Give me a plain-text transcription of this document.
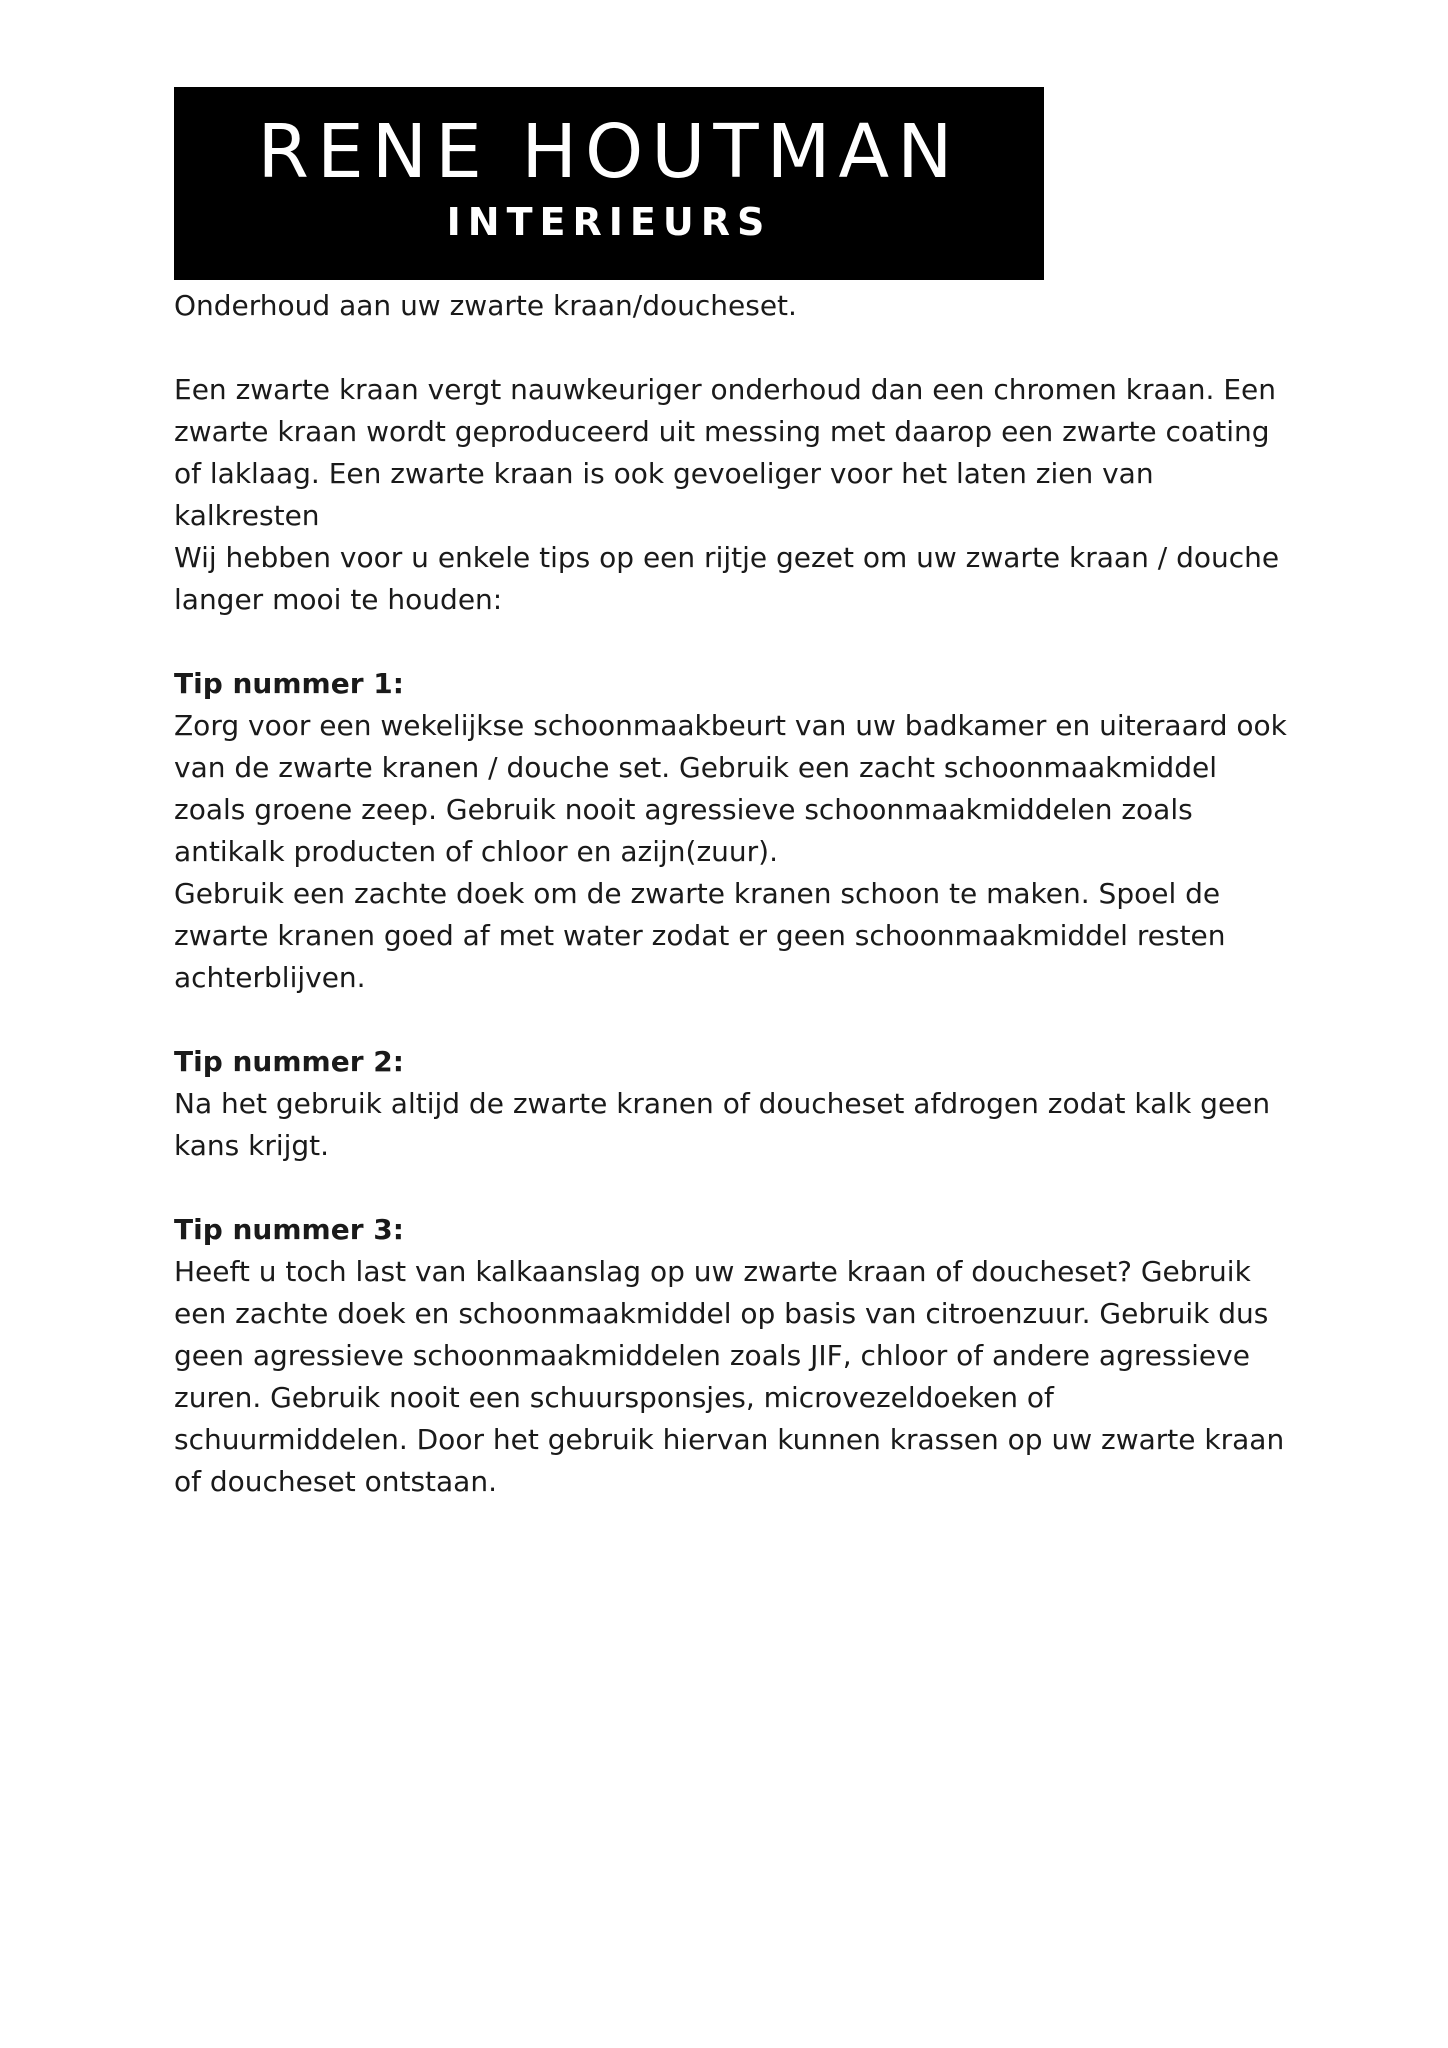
RENE HOUTMAN
INTERIEURS

Onderhoud aan uw zwarte kraan/doucheset.

Een zwarte kraan vergt nauwkeuriger onderhoud dan een chromen kraan. Een

zwarte kraan wordt geproduceerd uit messing met daarop een zwarte coating

of laklaag. Een zwarte kraan is ook gevoeliger voor het laten zien van

kalkresten

Wij hebben voor u enkele tips op een rijtje gezet om uw zwarte kraan / douche

langer mooi te houden:

Tip nummer 1:

Zorg voor een wekelijkse schoonmaakbeurt van uw badkamer en uiteraard ook

van de zwarte kranen / douche set. Gebruik een zacht schoonmaakmiddel

zoals groene zeep. Gebruik nooit agressieve schoonmaakmiddelen zoals

antikalk producten of chloor en azijn(zuur).

Gebruik een zachte doek om de zwarte kranen schoon te maken. Spoel de

zwarte kranen goed af met water zodat er geen schoonmaakmiddel resten

achterblijven.

Tip nummer 2:

Na het gebruik altijd de zwarte kranen of doucheset afdrogen zodat kalk geen

kans krijgt.

Tip nummer 3:

Heeft u toch last van kalkaanslag op uw zwarte kraan of doucheset? Gebruik

een zachte doek en schoonmaakmiddel op basis van citroenzuur. Gebruik dus

geen agressieve schoonmaakmiddelen zoals JIF, chloor of andere agressieve

zuren. Gebruik nooit een schuursponsjes, microvezeldoeken of

schuurmiddelen. Door het gebruik hiervan kunnen krassen op uw zwarte kraan

of doucheset ontstaan.
